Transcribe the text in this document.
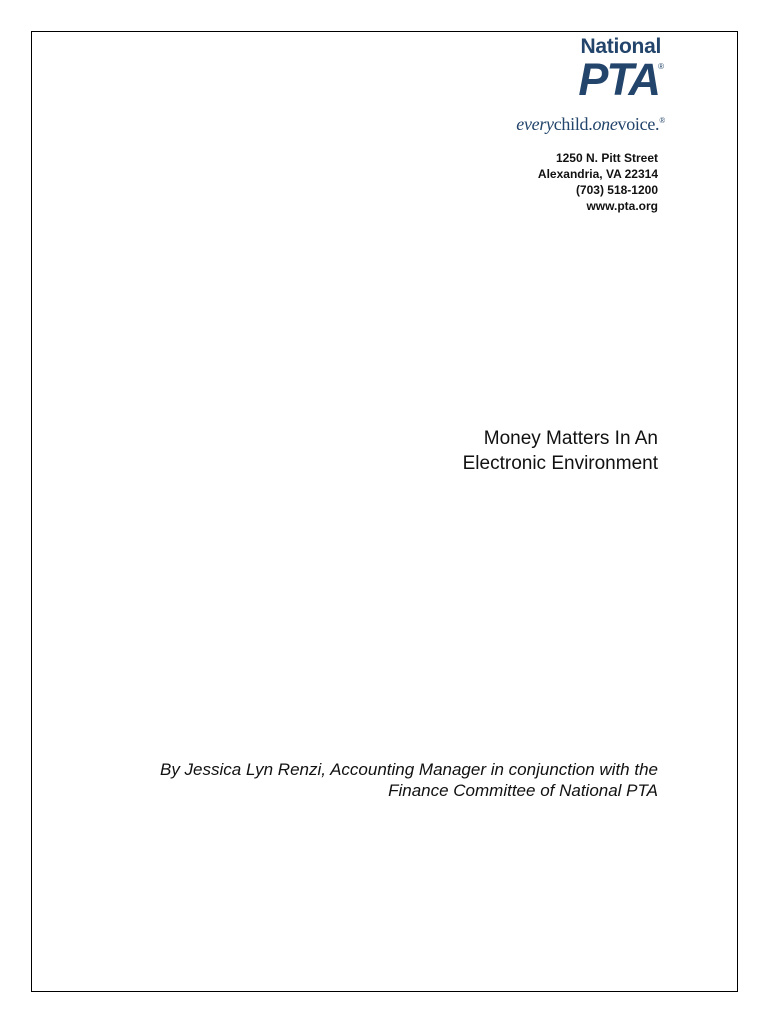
National
PTA ®
everychild.onevoice.®
1250 N. Pitt Street
Alexandria, VA 22314
(703) 518-1200
www.pta.org
Money Matters In An
Electronic Environment
By Jessica Lyn Renzi, Accounting Manager in conjunction with the
Finance Committee of National PTA
